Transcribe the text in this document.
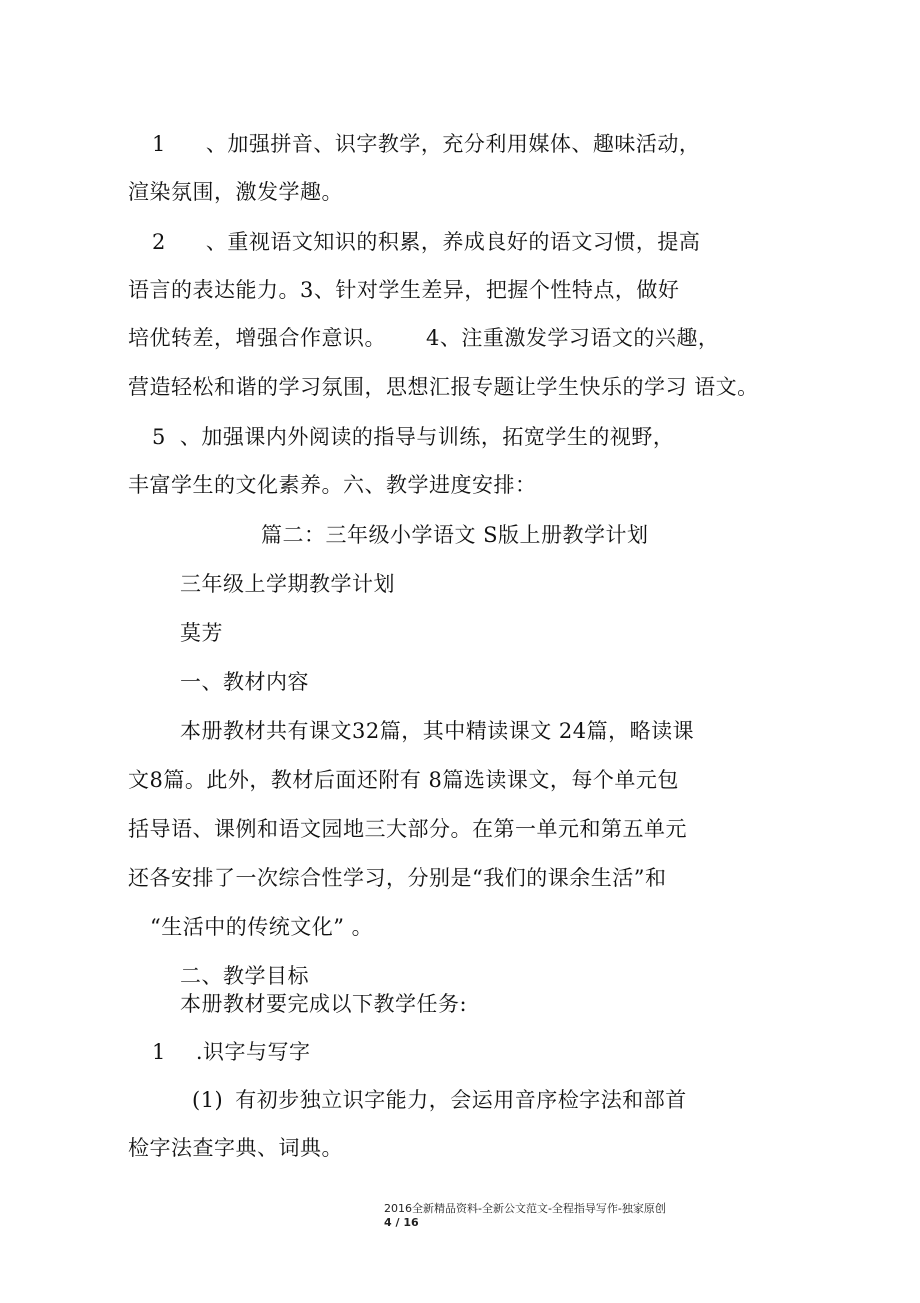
1 、加强拼音、识字教学，充分利用媒体、趣味活动，
渲染氛围，激发学趣。
2 、重视语文知识的积累，养成良好的语文习惯，提高
语言的表达能力。3、针对学生差异，把握个性特点，做好
培优转差，增强合作意识。 4、注重激发学习语文的兴趣，
营造轻松和谐的学习氛围，思想汇报专题让学生快乐的学习 语文。
5 、加强课内外阅读的指导与训练，拓宽学生的视野，
丰富学生的文化素养。六、教学进度安排：
篇二：三年级小学语文 S版上册教学计划
三年级上学期教学计划
莫芳
一、教材内容
本册教材共有课文32篇，其中精读课文 24篇，略读课
文8篇。此外，教材后面还附有 8篇选读课文，每个单元包
括导语、课例和语文园地三大部分。在第一单元和第五单元
还各安排了一次综合性学习，分别是“我们的课余生活”和
“生活中的传统文化” 。
二、教学目标
本册教材要完成以下教学任务:
1 .识字与写字
(1) 有初步独立识字能力，会运用音序检字法和部首
检字法查字典、词典。
2016全新精品资料-全新公文范文-全程指导写作-独家原创
4 / 16
